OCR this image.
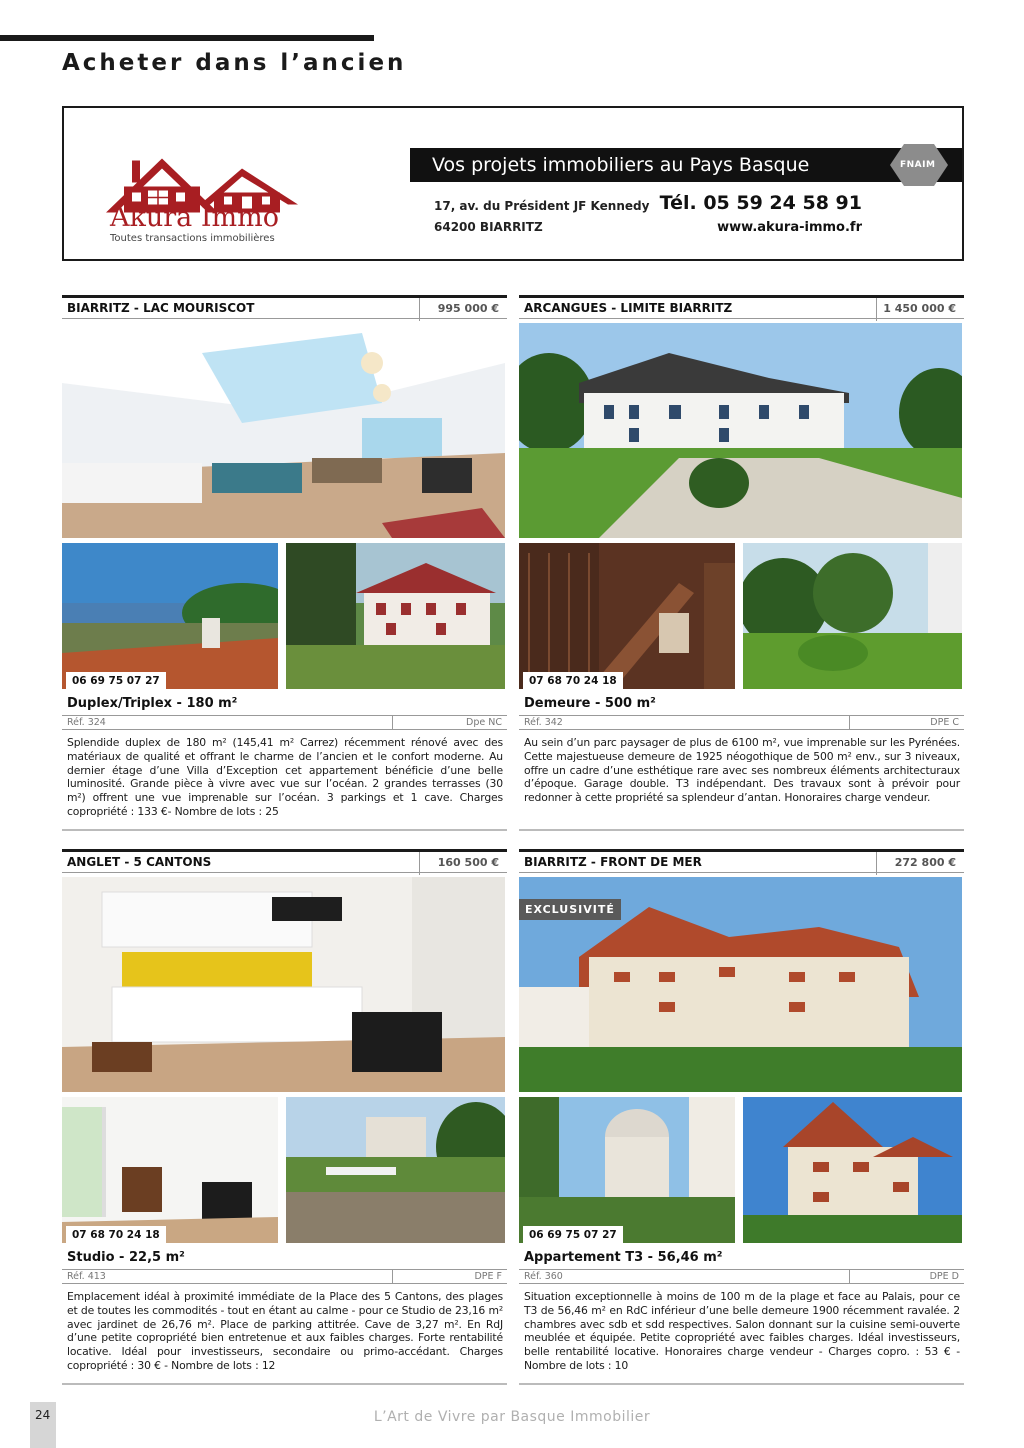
Acheter dans l’ancien
Akura Immo
Toutes transactions immobilières
Vos projets immobiliers au Pays Basque	FNAIM
17, av. du Président JF Kennedy
64200 BIARRITZ
Tél. 05 59 24 58 91
www.akura-immo.fr
BIARRITZ - LAC MOURISCOT	995 000 €
06 69 75 07 27
Duplex/Triplex - 180 m²
Réf. 324	Dpe NC
Splendide duplex de 180 m² (145,41 m² Carrez) récemment rénové avec des matériaux de qualité et offrant le charme de l’ancien et le confort moderne. Au dernier étage d’une Villa d’Exception cet appartement bénéficie d’une belle luminosité. Grande pièce à vivre avec vue sur l’océan. 2 grandes terrasses (30 m²) offrent une vue imprenable sur l’océan. 3 parkings et 1 cave. Charges copropriété : 133 €- Nombre de lots : 25
ARCANGUES - LIMITE BIARRITZ	1 450 000 €
07 68 70 24 18
Demeure - 500 m²
Réf. 342	DPE C
Au sein d’un parc paysager de plus de 6100 m², vue imprenable sur les Pyrénées. Cette majestueuse demeure de 1925 néogothique de 500 m² env., sur 3 niveaux, offre un cadre d’une esthétique rare avec ses nombreux éléments architecturaux d’époque. Garage double. T3 indépendant. Des travaux sont à prévoir pour redonner à cette propriété sa splendeur d’antan. Honoraires charge vendeur.
ANGLET - 5 CANTONS	160 500 €
07 68 70 24 18
Studio - 22,5 m²
Réf. 413	DPE F
Emplacement idéal à proximité immédiate de la Place des 5 Cantons, des plages et de toutes les commodités - tout en étant au calme - pour ce Studio de 23,16 m² avec jardinet de 26,76 m². Place de parking attitrée. Cave de 3,27 m². En RdJ d’une petite copropriété bien entretenue et aux faibles charges. Forte rentabilité locative. Idéal pour investisseurs, secondaire ou primo-accédant. Charges copropriété : 30 € - Nombre de lots : 12
BIARRITZ - FRONT DE MER	272 800 €
EXCLUSIVITÉ
06 69 75 07 27
Appartement T3 - 56,46 m²
Réf. 360	DPE D
Situation exceptionnelle à moins de 100 m de la plage et face au Palais, pour ce T3 de 56,46 m² en RdC inférieur d’une belle demeure 1900 récemment ravalée. 2 chambres avec sdb et sdd respectives. Salon donnant sur la cuisine semi-ouverte meublée et équipée. Petite copropriété avec faibles charges. Idéal investisseurs, belle rentabilité locative. Honoraires charge vendeur - Charges copro. : 53 € - Nombre de lots : 10
24	L’Art de Vivre par Basque Immobilier
